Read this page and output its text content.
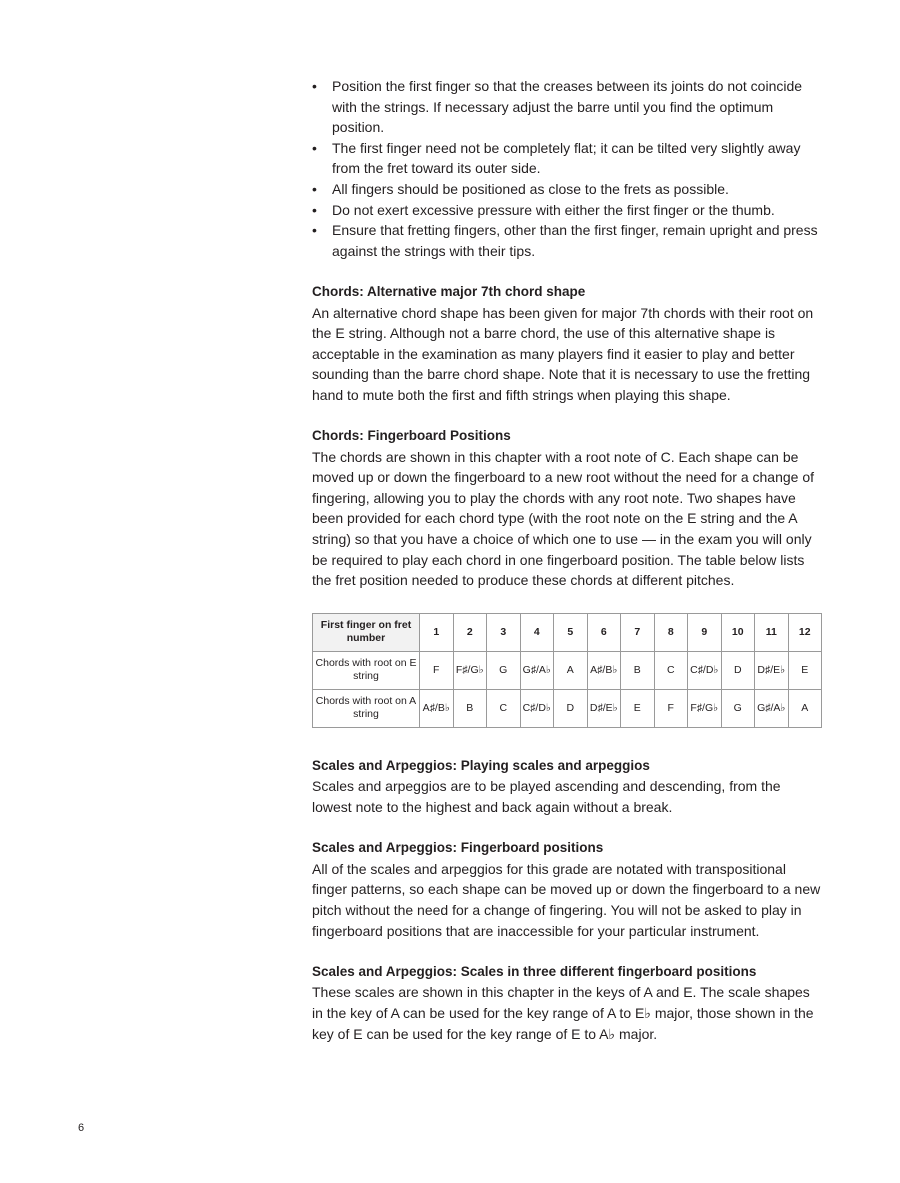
•	Position the first finger so that the creases between its joints do not coincide with the strings. If necessary adjust the barre until you find the optimum position.
•	The first finger need not be completely flat; it can be tilted very slightly away from the fret toward its outer side.
•	All fingers should be positioned as close to the frets as possible.
•	Do not exert excessive pressure with either the first finger or the thumb.
•	Ensure that fretting fingers, other than the first finger, remain upright and press against the strings with their tips.

Chords: Alternative major 7th chord shape

An alternative chord shape has been given for major 7th chords with their root on the E string. Although not a barre chord, the use of this alternative shape is acceptable in the examination as many players find it easier to play and better sounding than the barre chord shape. Note that it is necessary to use the fretting hand to mute both the first and fifth strings when playing this shape.

Chords: Fingerboard Positions

The chords are shown in this chapter with a root note of C. Each shape can be moved up or down the fingerboard to a new root without the need for a change of fingering, allowing you to play the chords with any root note. Two shapes have been provided for each chord type (with the root note on the E string and the A string) so that you have a choice of which one to use — in the exam you will only be required to play each chord in one fingerboard position. The table below lists the fret position needed to produce these chords at different pitches.

First finger on fret number	1	2	3	4	5	6	7	8	9	10	11	12
Chords with root on E string	F	F♯/G♭	G	G♯/A♭	A	A♯/B♭	B	C	C♯/D♭	D	D♯/E♭	E
Chords with root on A string	A♯/B♭	B	C	C♯/D♭	D	D♯/E♭	E	F	F♯/G♭	G	G♯/A♭	A

Scales and Arpeggios: Playing scales and arpeggios

Scales and arpeggios are to be played ascending and descending, from the lowest note to the highest and back again without a break.

Scales and Arpeggios: Fingerboard positions

All of the scales and arpeggios for this grade are notated with transpositional finger patterns, so each shape can be moved up or down the fingerboard to a new pitch without the need for a change of fingering. You will not be asked to play in fingerboard positions that are inaccessible for your particular instrument.

Scales and Arpeggios: Scales in three different fingerboard positions

These scales are shown in this chapter in the keys of A and E. The scale shapes in the key of A can be used for the key range of A to E♭ major, those shown in the key of E can be used for the key range of E to A♭ major.

6
